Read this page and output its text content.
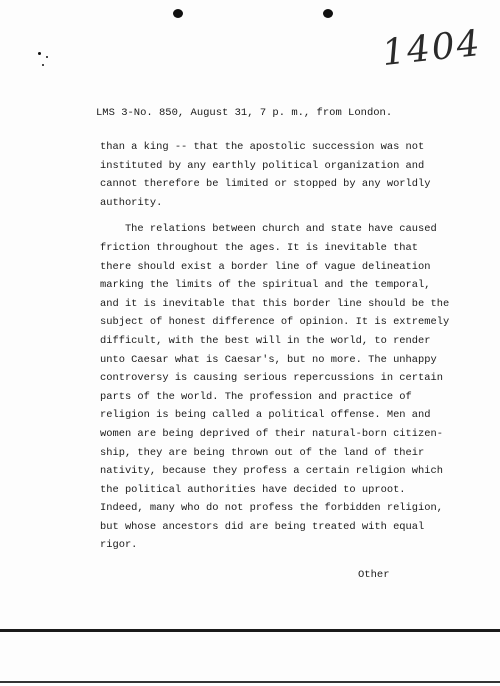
1404
LMS 3-No. 850, August 31, 7 p. m., from London.
than a king -- that the apostolic succession was not
instituted by any earthly political organization and
cannot therefore be limited or stopped by any worldly
authority.
The relations between church and state have caused
friction throughout the ages. It is inevitable that
there should exist a border line of vague delineation
marking the limits of the spiritual and the temporal,
and it is inevitable that this border line should be the
subject of honest difference of opinion. It is extremely
difficult, with the best will in the world, to render
unto Caesar what is Caesar's, but no more. The unhappy
controversy is causing serious repercussions in certain
parts of the world. The profession and practice of
religion is being called a political offense. Men and
women are being deprived of their natural-born citizen-
ship, they are being thrown out of the land of their
nativity, because they profess a certain religion which
the political authorities have decided to uproot.
Indeed, many who do not profess the forbidden religion,
but whose ancestors did are being treated with equal
rigor.
Other
